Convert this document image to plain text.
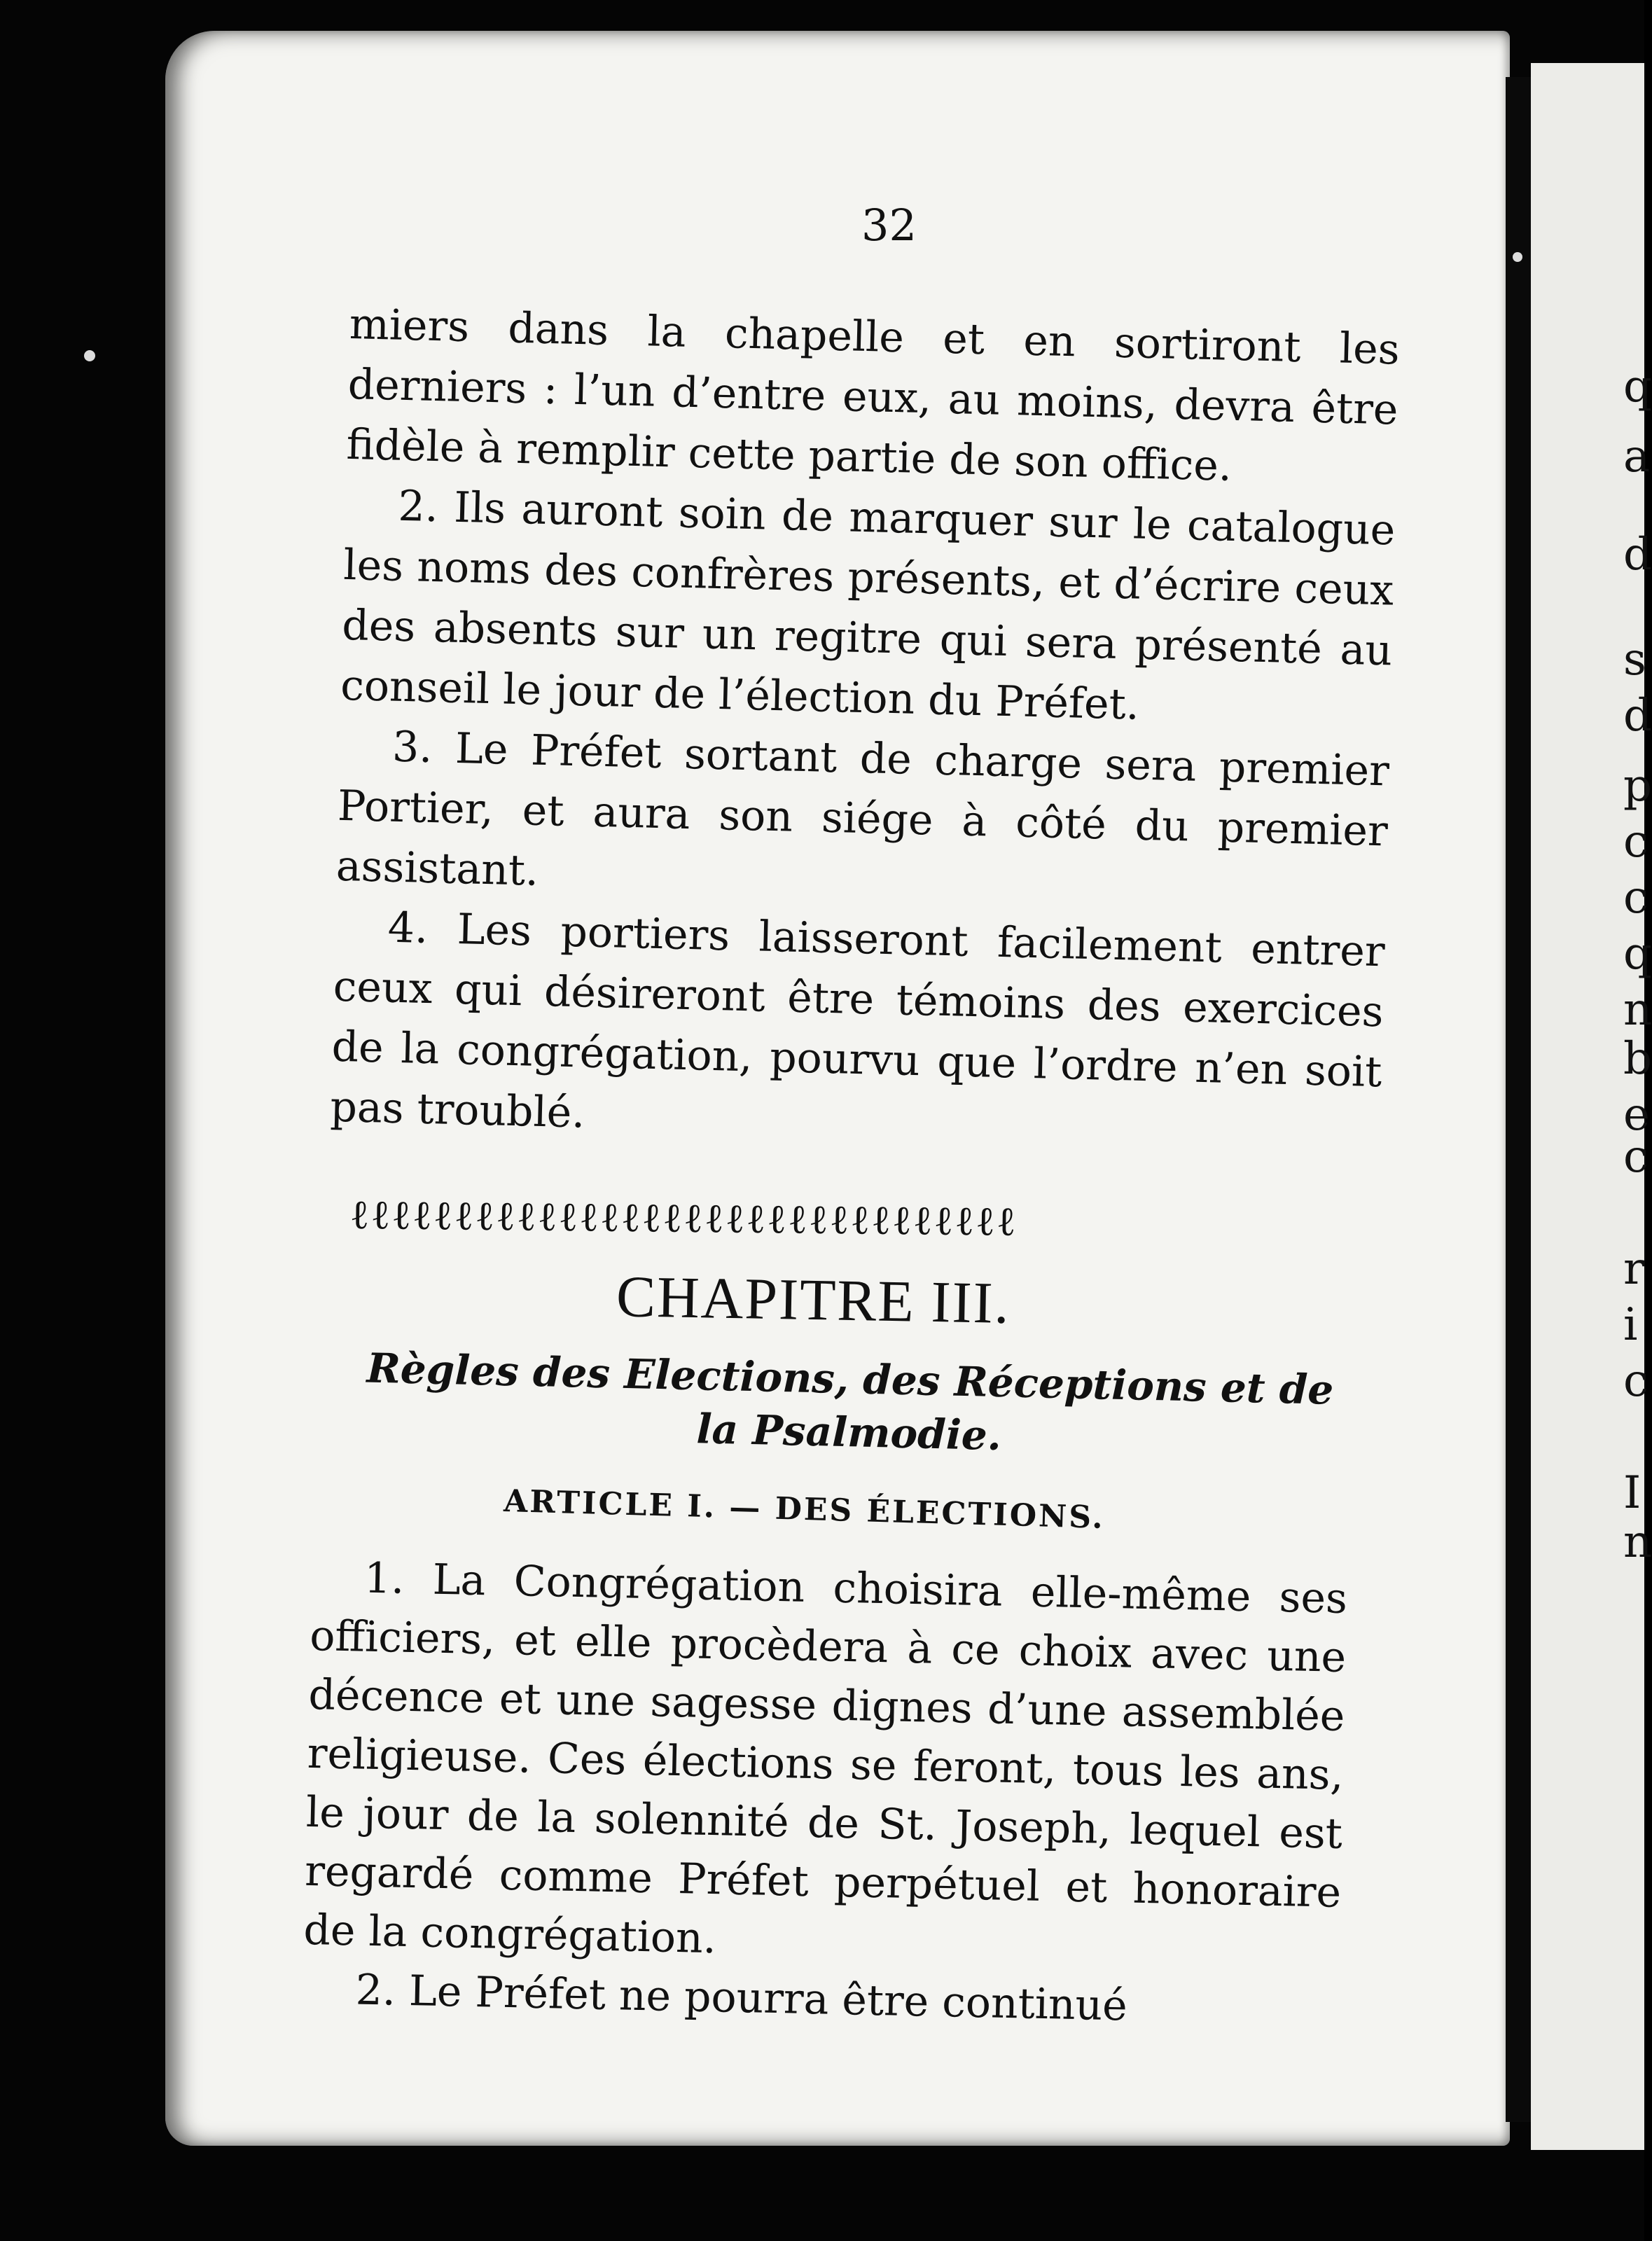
q
a
d
s
d
p
c
c
q
n
b
e
c
r
i
c
I
n
32

miers dans la chapelle et en sortiront les derniers : l’un d’entre eux, au moins, devra être fidèle à remplir cette partie de son office.

2. Ils auront soin de marquer sur le catalogue les noms des confrères présents, et d’écrire ceux des absents sur un regitre qui sera présenté au conseil le jour de l’élection du Préfet.

3. Le Préfet sortant de charge sera premier Portier, et aura son siége à côté du premier assistant.

4. Les portiers laisseront facilement entrer ceux qui désireront être témoins des exercices de la congrégation, pourvu que l’ordre n’en soit pas troublé.

ℓℓℓℓℓℓℓℓℓℓℓℓℓℓℓℓℓℓℓℓℓℓℓℓℓℓℓℓℓℓℓℓ
CHAPITRE III.
Règles des Elections, des Réceptions et de la Psalmodie.
ARTICLE I. — DES ÉLECTIONS.

1. La Congrégation choisira elle-même ses officiers, et elle procèdera à ce choix avec une décence et une sagesse dignes d’une assemblée religieuse. Ces élections se feront, tous les ans, le jour de la solennité de St. Joseph, lequel est regardé comme Préfet perpétuel et honoraire de la congrégation.

2. Le Préfet ne pourra être continué
